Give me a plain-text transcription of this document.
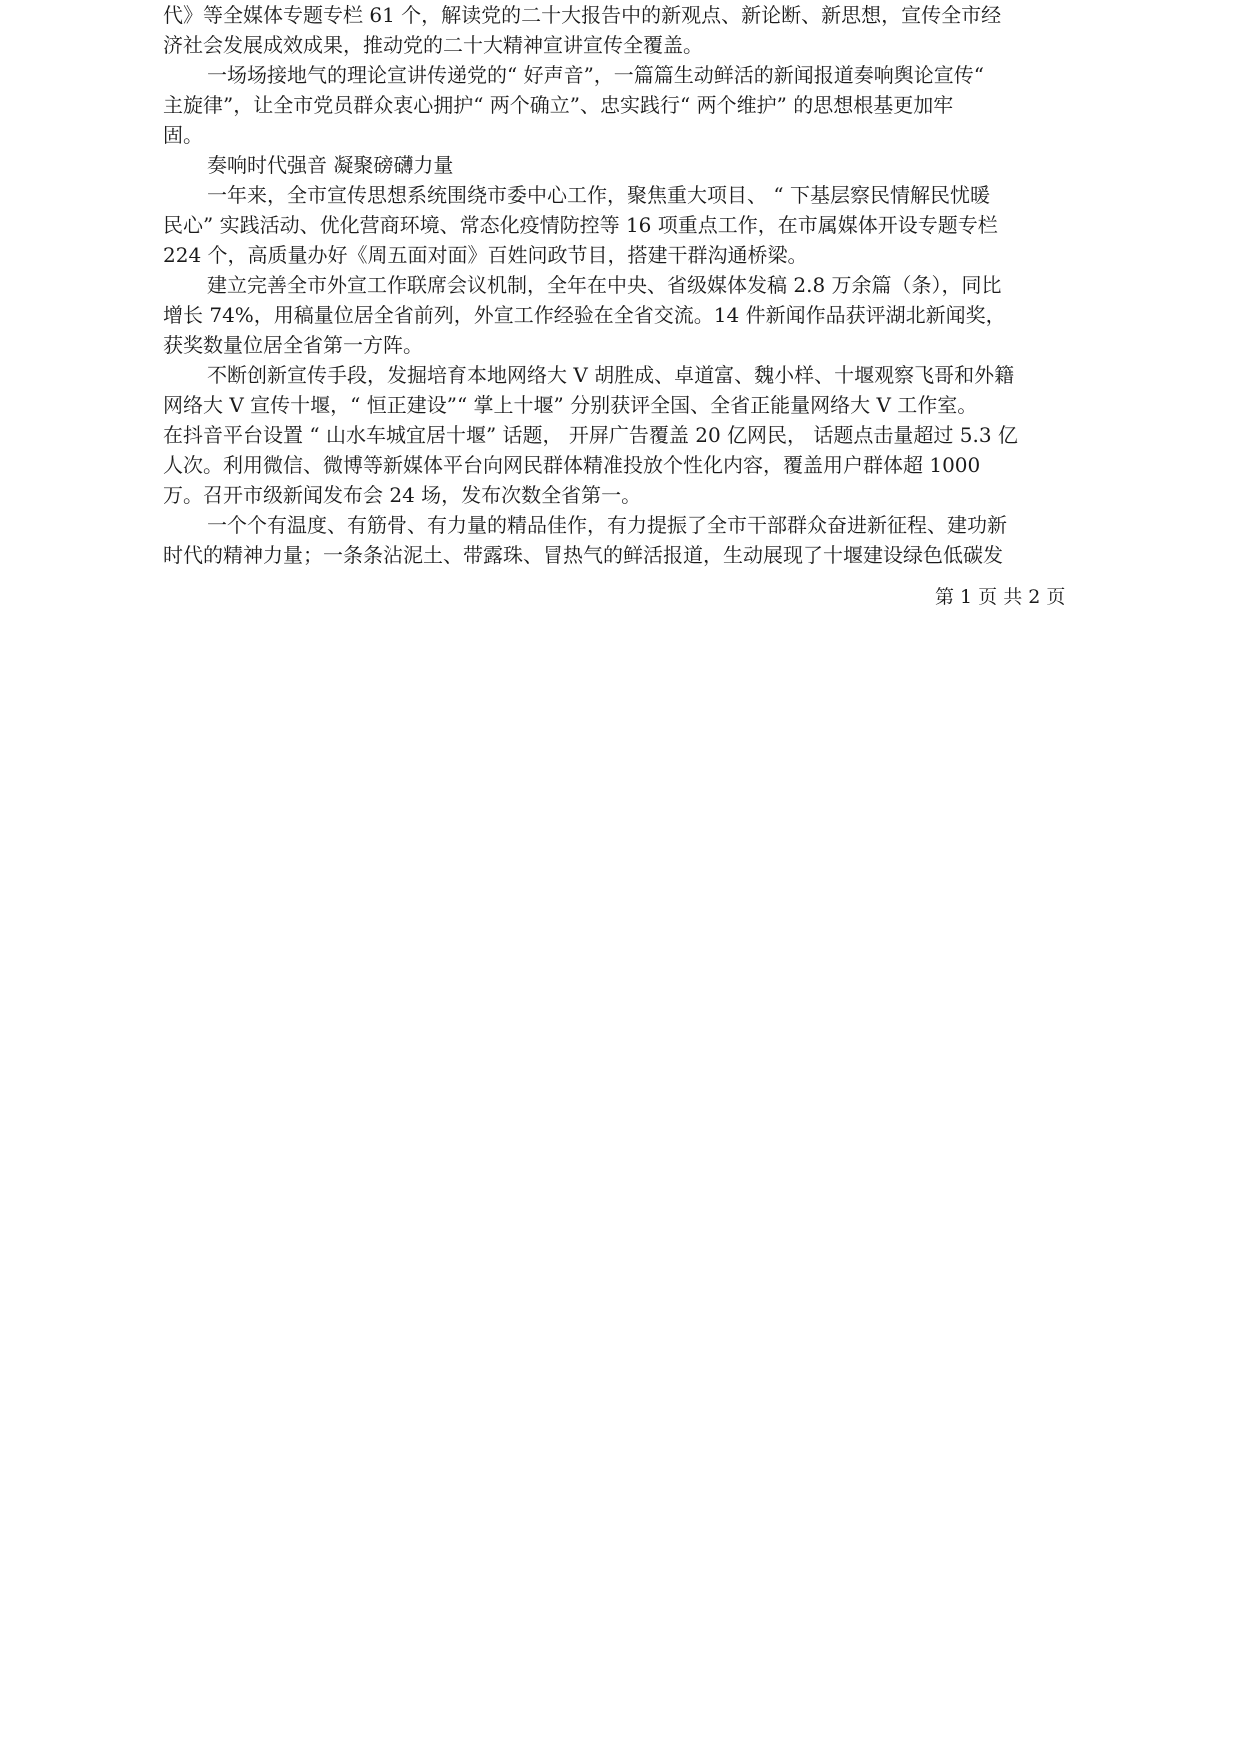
代》等全媒体专题专栏 61 个，解读党的二十大报告中的新观点、新论断、新思想，宣传全市经
济社会发展成效成果，推动党的二十大精神宣讲宣传全覆盖。
一场场接地气的理论宣讲传递党的“ 好声音”，一篇篇生动鲜活的新闻报道奏响舆论宣传“
主旋律”，让全市党员群众衷心拥护“ 两个确立”、忠实践行“ 两个维护” 的思想根基更加牢
固。
奏响时代强音 凝聚磅礴力量
一年来，全市宣传思想系统围绕市委中心工作，聚焦重大项目、 “ 下基层察民情解民忧暖
民心” 实践活动、优化营商环境、常态化疫情防控等 16 项重点工作，在市属媒体开设专题专栏
224 个，高质量办好《周五面对面》百姓问政节目，搭建干群沟通桥梁。
建立完善全市外宣工作联席会议机制，全年在中央、省级媒体发稿 2.8 万余篇（条），同比
增长 74%，用稿量位居全省前列，外宣工作经验在全省交流。14 件新闻作品获评湖北新闻奖，
获奖数量位居全省第一方阵。
不断创新宣传手段，发掘培育本地网络大 V 胡胜成、卓道富、魏小样、十堰观察飞哥和外籍
网络大 V 宣传十堰，“ 恒正建设”“ 掌上十堰” 分别获评全国、全省正能量网络大 V 工作室。
在抖音平台设置 “ 山水车城宜居十堰” 话题， 开屏广告覆盖 20 亿网民， 话题点击量超过 5.3 亿
人次。利用微信、微博等新媒体平台向网民群体精准投放个性化内容，覆盖用户群体超 1000
万。召开市级新闻发布会 24 场，发布次数全省第一。
一个个有温度、有筋骨、有力量的精品佳作，有力提振了全市干部群众奋进新征程、建功新
时代的精神力量；一条条沾泥土、带露珠、冒热气的鲜活报道，生动展现了十堰建设绿色低碳发
第 1 页 共 2 页
